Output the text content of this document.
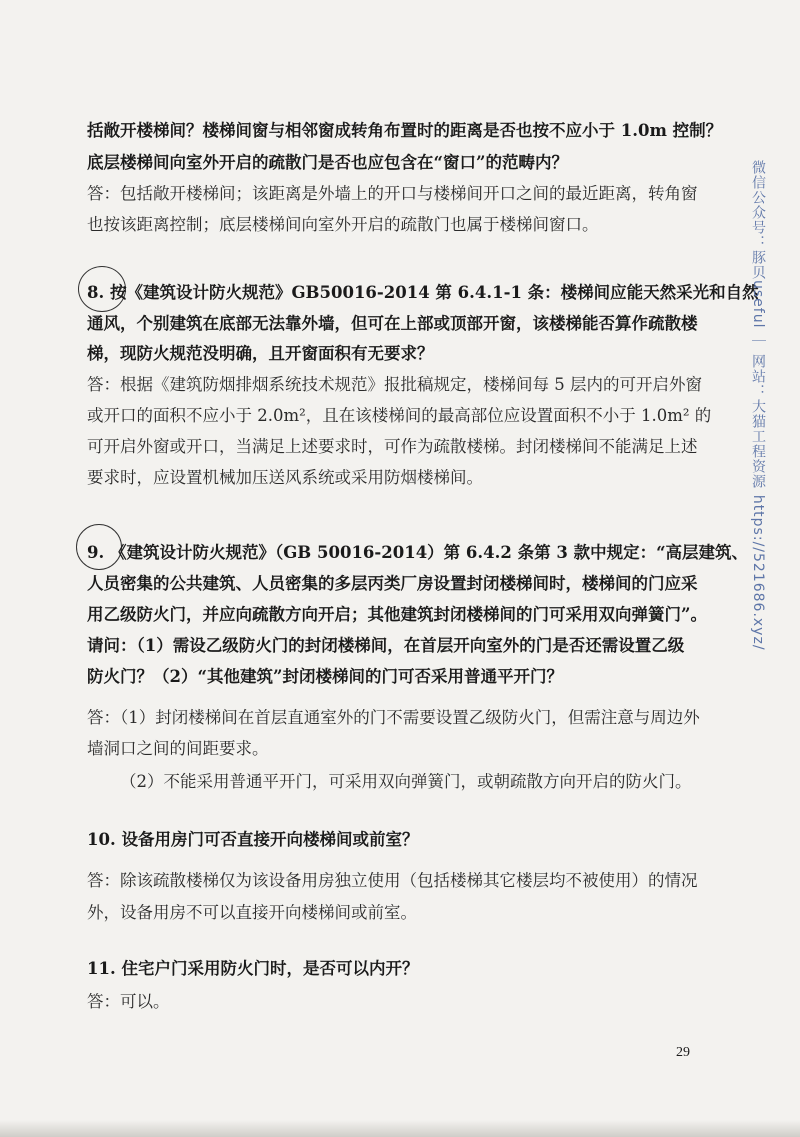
括敞开楼梯间？楼梯间窗与相邻窗成转角布置时的距离是否也按不应小于 1.0m 控制？
底层楼梯间向室外开启的疏散门是否也应包含在“窗口”的范畴内？
答：包括敞开楼梯间；该距离是外墙上的开口与楼梯间开口之间的最近距离，转角窗
也按该距离控制；底层楼梯间向室外开启的疏散门也属于楼梯间窗口。
8. 按《建筑设计防火规范》GB50016-2014 第 6.4.1-1 条：楼梯间应能天然采光和自然
通风，个别建筑在底部无法靠外墙，但可在上部或顶部开窗，该楼梯能否算作疏散楼
梯，现防火规范没明确，且开窗面积有无要求？
答：根据《建筑防烟排烟系统技术规范》报批稿规定，楼梯间每 5 层内的可开启外窗
或开口的面积不应小于 2.0m²，且在该楼梯间的最高部位应设置面积不小于 1.0m² 的
可开启外窗或开口，当满足上述要求时，可作为疏散楼梯。封闭楼梯间不能满足上述
要求时，应设置机械加压送风系统或采用防烟楼梯间。
9. 《建筑设计防火规范》（GB 50016-2014）第 6.4.2 条第 3 款中规定：“高层建筑、
人员密集的公共建筑、人员密集的多层丙类厂房设置封闭楼梯间时，楼梯间的门应采
用乙级防火门，并应向疏散方向开启；其他建筑封闭楼梯间的门可采用双向弹簧门”。
请问：（1）需设乙级防火门的封闭楼梯间，在首层开向室外的门是否还需设置乙级
防火门？（2）“其他建筑”封闭楼梯间的门可否采用普通平开门？
答：（1）封闭楼梯间在首层直通室外的门不需要设置乙级防火门，但需注意与周边外
墙洞口之间的间距要求。
（2）不能采用普通平开门，可采用双向弹簧门，或朝疏散方向开启的防火门。
10. 设备用房门可否直接开向楼梯间或前室？
答：除该疏散楼梯仅为该设备用房独立使用（包括楼梯其它楼层均不被使用）的情况
外，设备用房不可以直接开向楼梯间或前室。
11. 住宅户门采用防火门时，是否可以内开？
答：可以。
29
微信公众号：豚贝useful ｜ 网站：大猫工程资源 https://521686.xyz/
